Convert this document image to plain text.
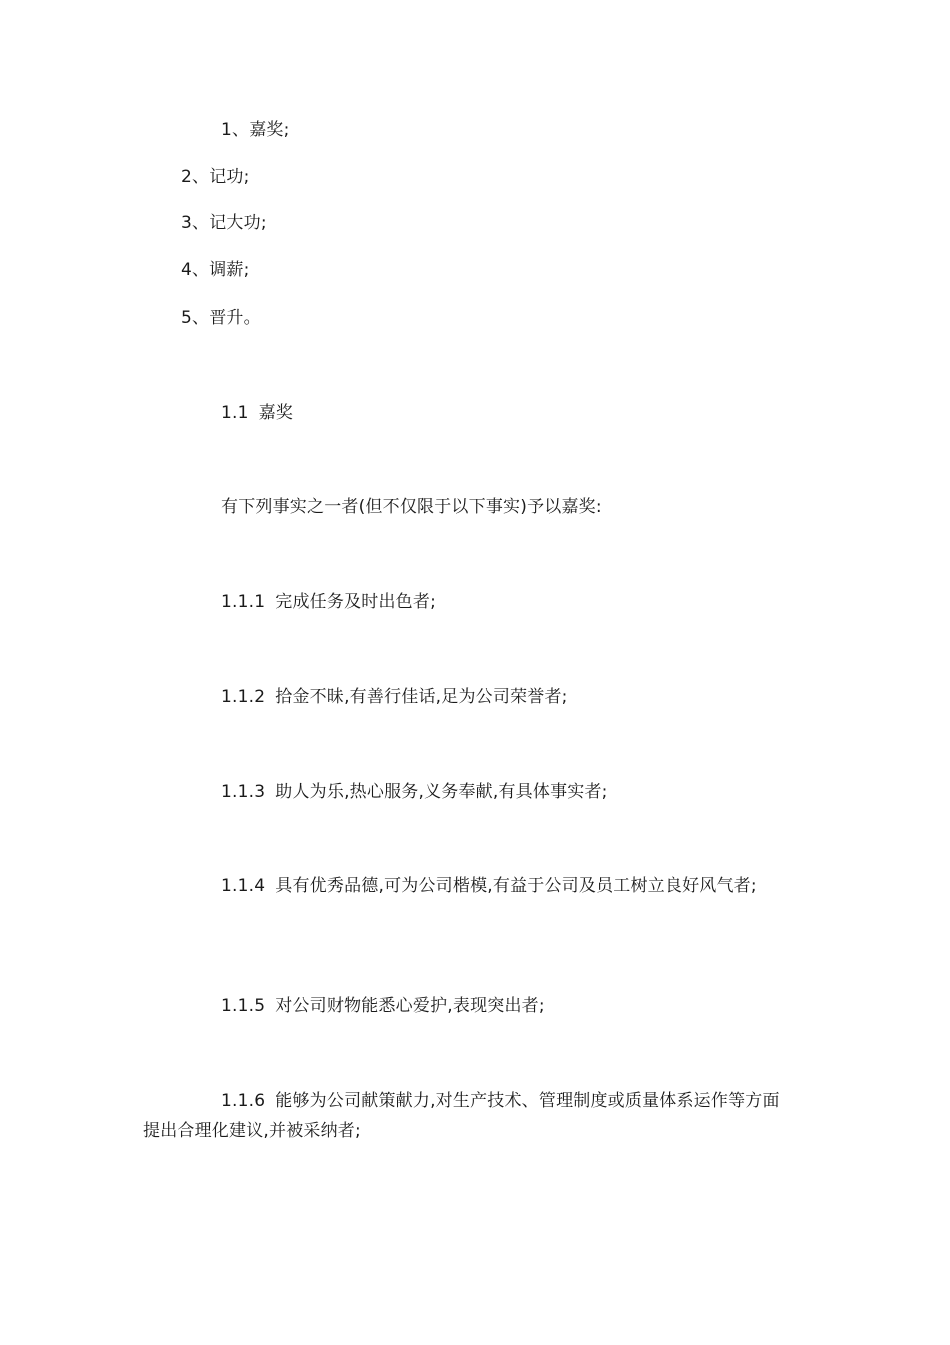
1、嘉奖;
2、记功;
3、记大功;
4、调薪;
5、晋升。
1.1 嘉奖
有下列事实之一者(但不仅限于以下事实)予以嘉奖:
1.1.1 完成任务及时出色者;
1.1.2 拾金不昧,有善行佳话,足为公司荣誉者;
1.1.3 助人为乐,热心服务,义务奉献,有具体事实者;
1.1.4 具有优秀品德,可为公司楷模,有益于公司及员工树立良好风气者;
1.1.5 对公司财物能悉心爱护,表现突出者;
1.1.6 能够为公司献策献力,对生产技术、管理制度或质量体系运作等方面提出合理化建议,并被采纳者;
